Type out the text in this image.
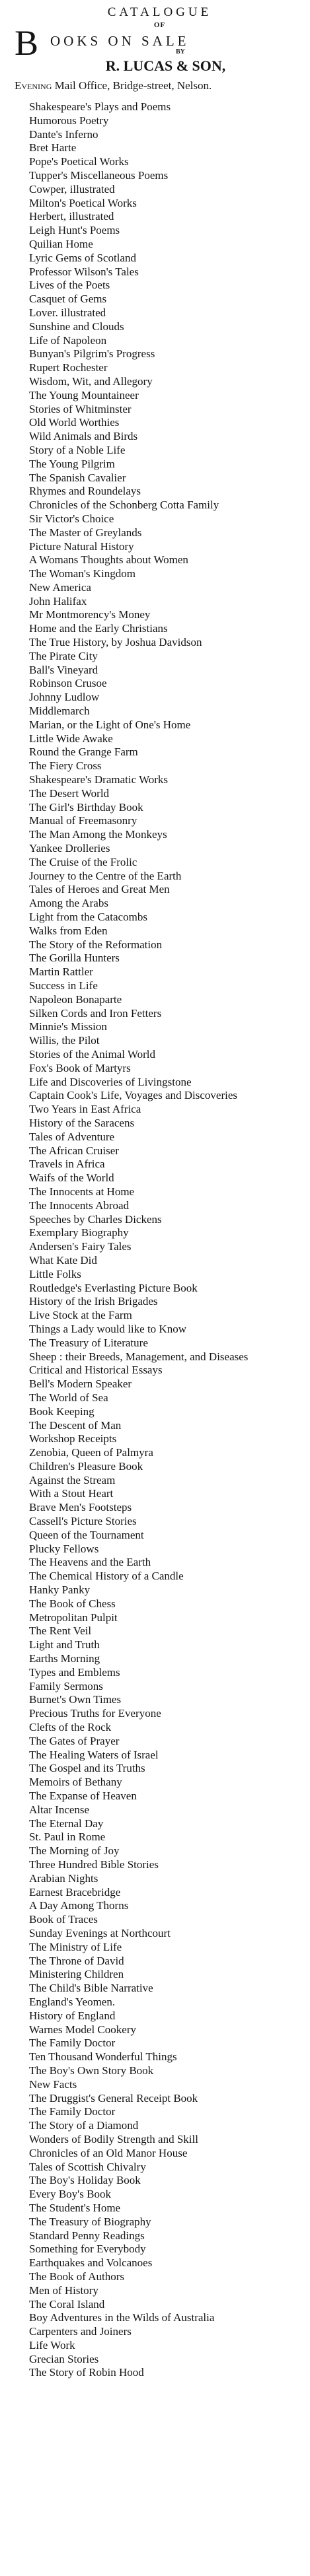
CATALOGUE
OF
B OOKS ON SALE
BY
R. LUCAS & SON,
Evening Mail Office, Bridge-street, Nelson.
Shakespeare's Plays and Poems
Humorous Poetry
Dante's Inferno
Bret Harte
Pope's Poetical Works
Tupper's Miscellaneous Poems
Cowper, illustrated
Milton's Poetical Works
Herbert, illustrated
Leigh Hunt's Poems
Quilian Home
Lyric Gems of Scotland
Professor Wilson's Tales
Lives of the Poets
Casquet of Gems
Lover. illustrated
Sunshine and Clouds
Life of Napoleon
Bunyan's Pilgrim's Progress
Rupert Rochester
Wisdom, Wit, and Allegory
The Young Mountaineer
Stories of Whitminster
Old World Worthies
Wild Animals and Birds
Story of a Noble Life
The Young Pilgrim
The Spanish Cavalier
Rhymes and Roundelays
Chronicles of the Schonberg Cotta Family
Sir Victor's Choice
The Master of Greylands
Picture Natural History
A Womans Thoughts about Women
The Woman's Kingdom
New America
John Halifax
Mr Montmorency's Money
Home and the Early Christians
The True History, by Joshua Davidson
The Pirate City
Ball's Vineyard
Robinson Crusoe
Johnny Ludlow
Middlemarch
Marian, or the Light of One's Home
Little Wide Awake
Round the Grange Farm
The Fiery Cross
Shakespeare's Dramatic Works
The Desert World
The Girl's Birthday Book
Manual of Freemasonry
The Man Among the Monkeys
Yankee Drolleries
The Cruise of the Frolic
Journey to the Centre of the Earth
Tales of Heroes and Great Men
Among the Arabs
Light from the Catacombs
Walks from Eden
The Story of the Reformation
The Gorilla Hunters
Martin Rattler
Success in Life
Napoleon Bonaparte
Silken Cords and Iron Fetters
Minnie's Mission
Willis, the Pilot
Stories of the Animal World
Fox's Book of Martyrs
Life and Discoveries of Livingstone
Captain Cook's Life, Voyages and Discoveries
Two Years in East Africa
History of the Saracens
Tales of Adventure
The African Cruiser
Travels in Africa
Waifs of the World
The Innocents at Home
The Innocents Abroad
Speeches by Charles Dickens
Exemplary Biography
Andersen's Fairy Tales
What Kate Did
Little Folks
Routledge's Everlasting Picture Book
History of the Irish Brigades
Live Stock at the Farm
Things a Lady would like to Know
The Treasury of Literature
Sheep : their Breeds, Management, and Diseases
Critical and Historical Essays
Bell's Modern Speaker
The World of Sea
Book Keeping
The Descent of Man
Workshop Receipts
Zenobia, Queen of Palmyra
Children's Pleasure Book
Against the Stream
With a Stout Heart
Brave Men's Footsteps
Cassell's Picture Stories
Queen of the Tournament
Plucky Fellows
The Heavens and the Earth
The Chemical History of a Candle
Hanky Panky
The Book of Chess
Metropolitan Pulpit
The Rent Veil
Light and Truth
Earths Morning
Types and Emblems
Family Sermons
Burnet's Own Times
Precious Truths for Everyone
Clefts of the Rock
The Gates of Prayer
The Healing Waters of Israel
The Gospel and its Truths
Memoirs of Bethany
The Expanse of Heaven
Altar Incense
The Eternal Day
St. Paul in Rome
The Morning of Joy
Three Hundred Bible Stories
Arabian Nights
Earnest Bracebridge
A Day Among Thorns
Book of Traces
Sunday Evenings at Northcourt
The Ministry of Life
The Throne of David
Ministering Children
The Child's Bible Narrative
England's Yeomen.
History of England
Warnes Model Cookery
The Family Doctor
Ten Thousand Wonderful Things
The Boy's Own Story Book
New Facts
The Druggist's General Receipt Book
The Family Doctor
The Story of a Diamond
Wonders of Bodily Strength and Skill
Chronicles of an Old Manor House
Tales of Scottish Chivalry
The Boy's Holiday Book
Every Boy's Book
The Student's Home
The Treasury of Biography
Standard Penny Readings
Something for Everybody
Earthquakes and Volcanoes
The Book of Authors
Men of History
The Coral Island
Boy Adventures in the Wilds of Australia
Carpenters and Joiners
Life Work
Grecian Stories
The Story of Robin Hood
